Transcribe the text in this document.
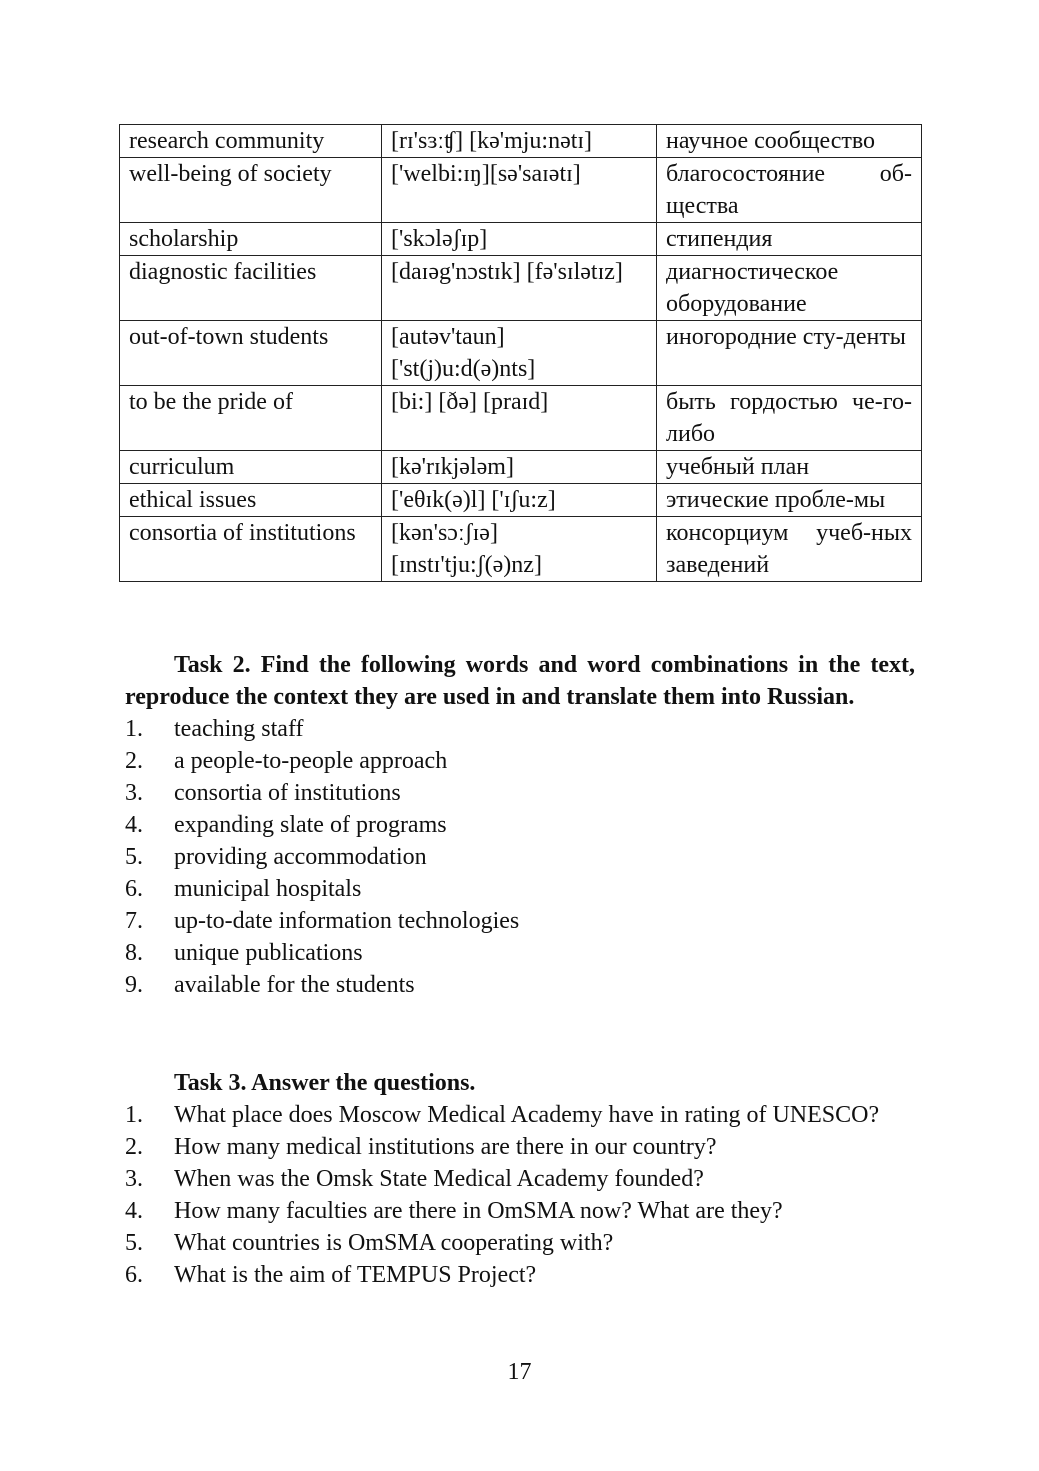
research community	[rɪ'sɜːʧ] [kə'mju:nətɪ]	научное сообщество
well-being of society	['welbi:ɪŋ][sə'saɪətɪ]	благосостояние об-щества
scholarship	['skɔləʃɪp]	стипендия
diagnostic facilities	[daɪəg'nɔstɪk] [fə'sɪlətɪz]	диагностическое оборудование
out-of-town students	[autəv'taun] ['st(j)u:d(ə)nts]	иногородние сту-денты
to be the pride of	[bi:] [ðə] [praɪd]	быть гордостью че-го-либо
curriculum	[kə'rɪkjələm]	учебный план
ethical issues	['eθɪk(ə)l] ['ɪʃu:z]	этические пробле-мы
consortia of institutions	[kən'sɔːʃɪə] [ɪnstɪ'tju:ʃ(ə)nz]	консорциум учеб-ных заведений

Task 2. Find the following words and word combinations in the text, reproduce the context they are used in and translate them into Russian.

1. teaching staff
2. a people-to-people approach
3. consortia of institutions
4. expanding slate of programs
5. providing accommodation
6. municipal hospitals
7. up-to-date information technologies
8. unique publications
9. available for the students

Task 3. Answer the questions.

1. What place does Moscow Medical Academy have in rating of UNESCO?
2. How many medical institutions are there in our country?
3. When was the Omsk State Medical Academy founded?
4. How many faculties are there in OmSMA now? What are they?
5. What countries is OmSMA cooperating with?
6. What is the aim of TEMPUS Project?
17
